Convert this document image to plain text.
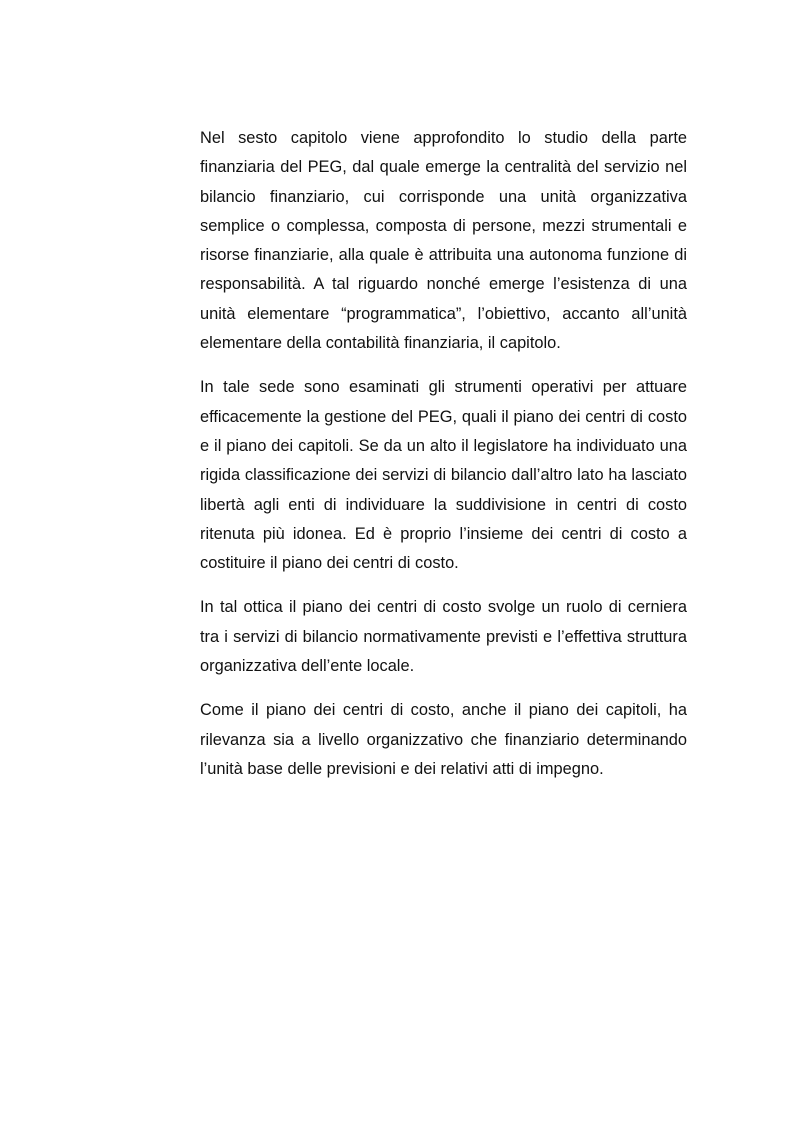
Nel sesto capitolo viene approfondito lo studio della parte finanziaria del PEG, dal quale emerge la centralità del servizio nel bilancio finanziario, cui corrisponde una unità organizzativa semplice o complessa, composta di persone, mezzi strumentali e risorse finanziarie, alla quale è attribuita una autonoma funzione di responsabilità. A tal riguardo nonché emerge l’esistenza di una unità elementare “programmatica”, l’obiettivo, accanto all’unità elementare della contabilità finanziaria, il capitolo.

In tale sede sono esaminati gli strumenti operativi per attuare efficacemente la gestione del PEG, quali il piano dei centri di costo e il piano dei capitoli. Se da un alto il legislatore ha individuato una rigida classificazione dei servizi di bilancio dall’altro lato ha lasciato libertà agli enti di individuare la suddivisione in centri di costo ritenuta più idonea. Ed è proprio l’insieme dei centri di costo a costituire il piano dei centri di costo.

In tal ottica il piano dei centri di costo svolge un ruolo di cerniera tra i servizi di bilancio normativamente previsti e l’effettiva struttura organizzativa dell’ente locale.

Come il piano dei centri di costo, anche il piano dei capitoli, ha rilevanza sia a livello organizzativo che finanziario determinando l’unità base delle previsioni e dei relativi atti di impegno.
